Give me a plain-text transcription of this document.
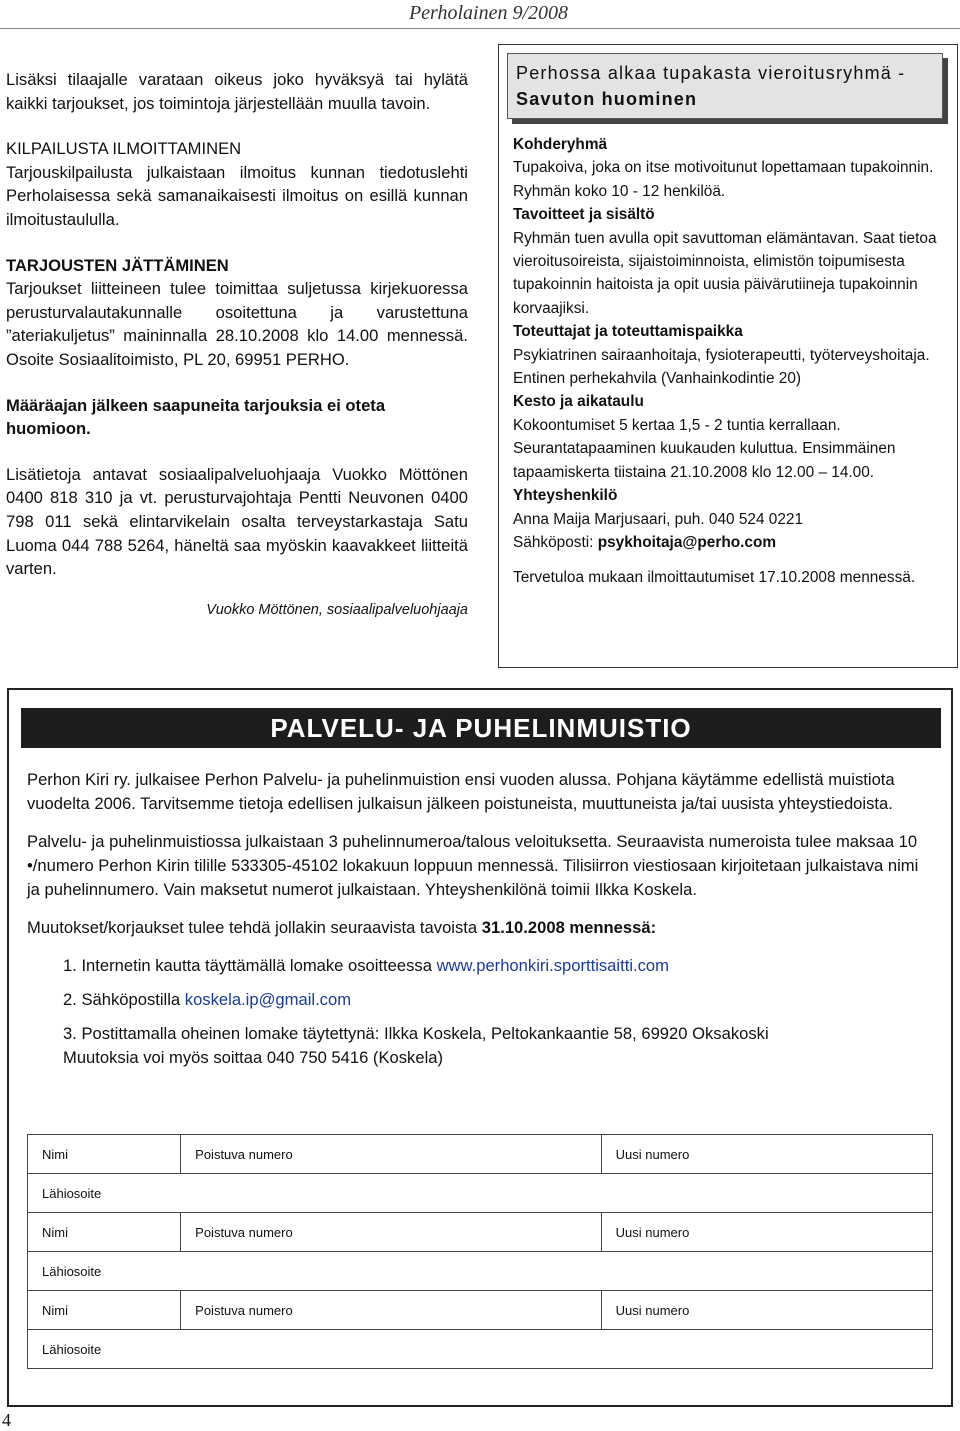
Perholainen 9/2008

Lisäksi tilaajalle varataan oikeus joko hyväksyä tai hylätä kaikki tarjoukset, jos toimintoja järjestellään muulla tavoin.

KILPAILUSTA ILMOITTAMINEN

Tarjouskilpailusta julkaistaan ilmoitus kunnan tiedotuslehti Perholaisessa sekä samanaikaisesti ilmoitus on esillä kunnan ilmoitustaululla.

TARJOUSTEN JÄTTÄMINEN

Tarjoukset liitteineen tulee toimittaa suljetussa kirjekuoressa perusturvalautakunnalle osoitettuna ja varustettuna ”ateriakuljetus” maininnalla 28.10.2008 klo 14.00 mennessä. Osoite Sosiaalitoimisto, PL 20, 69951 PERHO.

Määräajan jälkeen saapuneita tarjouksia ei oteta huomioon.

Lisätietoja antavat sosiaalipalveluohjaaja Vuokko Möttönen 0400 818 310 ja vt. perusturvajohtaja Pentti Neuvonen 0400 798 011 sekä elintarvikelain osalta terveystarkastaja Satu Luoma 044 788 5264, häneltä saa myöskin kaavakkeet liitteitä varten.

Vuokko Möttönen, sosiaalipalveluohjaaja

Perhossa alkaa tupakasta vieroitusryhmä -
Savuton huominen

Kohderyhmä

Tupakoiva, joka on itse motivoitunut lopettamaan tupakoinnin. Ryhmän koko 10 - 12 henkilöä.

Tavoitteet ja sisältö

Ryhmän tuen avulla opit savuttoman elämäntavan. Saat tietoa vieroitusoireista, sijaistoiminnoista, elimistön toipumisesta tupakoinnin haitoista ja opit uusia päivärutiineja tupakoinnin korvaajiksi.

Toteuttajat ja toteuttamispaikka

Psykiatrinen sairaanhoitaja, fysioterapeutti, työterveyshoitaja. Entinen perhekahvila (Vanhainkodintie 20)

Kesto ja aikataulu

Kokoontumiset 5 kertaa 1,5 - 2 tuntia kerrallaan. Seurantatapaaminen kuukauden kuluttua. Ensimmäinen tapaamiskerta tiistaina 21.10.2008 klo 12.00 – 14.00.

Yhteyshenkilö

Anna Maija Marjusaari, puh. 040 524 0221

Sähköposti: psykhoitaja@perho.com

Tervetuloa mukaan ilmoittautumiset 17.10.2008 mennessä.

PALVELU- JA PUHELINMUISTIO

Perhon Kiri ry. julkaisee Perhon Palvelu- ja puhelinmuistion ensi vuoden alussa. Pohjana käytämme edellistä muistiota vuodelta 2006. Tarvitsemme tietoja edellisen julkaisun jälkeen poistuneista, muuttuneista ja/tai uusista yhteystiedoista.

Palvelu- ja puhelinmuistiossa julkaistaan 3 puhelinnumeroa/talous veloituksetta. Seuraavista numeroista tulee maksaa 10 •/numero Perhon Kirin tilille 533305-45102 lokakuun loppuun mennessä. Tilisiirron viestiosaan kirjoitetaan julkaistava nimi ja puhelinnumero. Vain maksetut numerot julkaistaan. Yhteyshenkilönä toimii Ilkka Koskela.

Muutokset/korjaukset tulee tehdä jollakin seuraavista tavoista 31.10.2008 mennessä:

1. Internetin kautta täyttämällä lomake osoitteessa www.perhonkiri.sporttisaitti.com

2. Sähköpostilla koskela.ip@gmail.com

3. Postittamalla oheinen lomake täytettynä: Ilkka Koskela, Peltokankaantie 58, 69920 Oksakoski

Muutoksia voi myös soittaa 040 750 5416 (Koskela)

Nimi	Poistuva numero	Uusi numero
Lähiosoite		
Nimi	Poistuva numero	Uusi numero
Lähiosoite		
Nimi	Poistuva numero	Uusi numero
Lähiosoite		
4
